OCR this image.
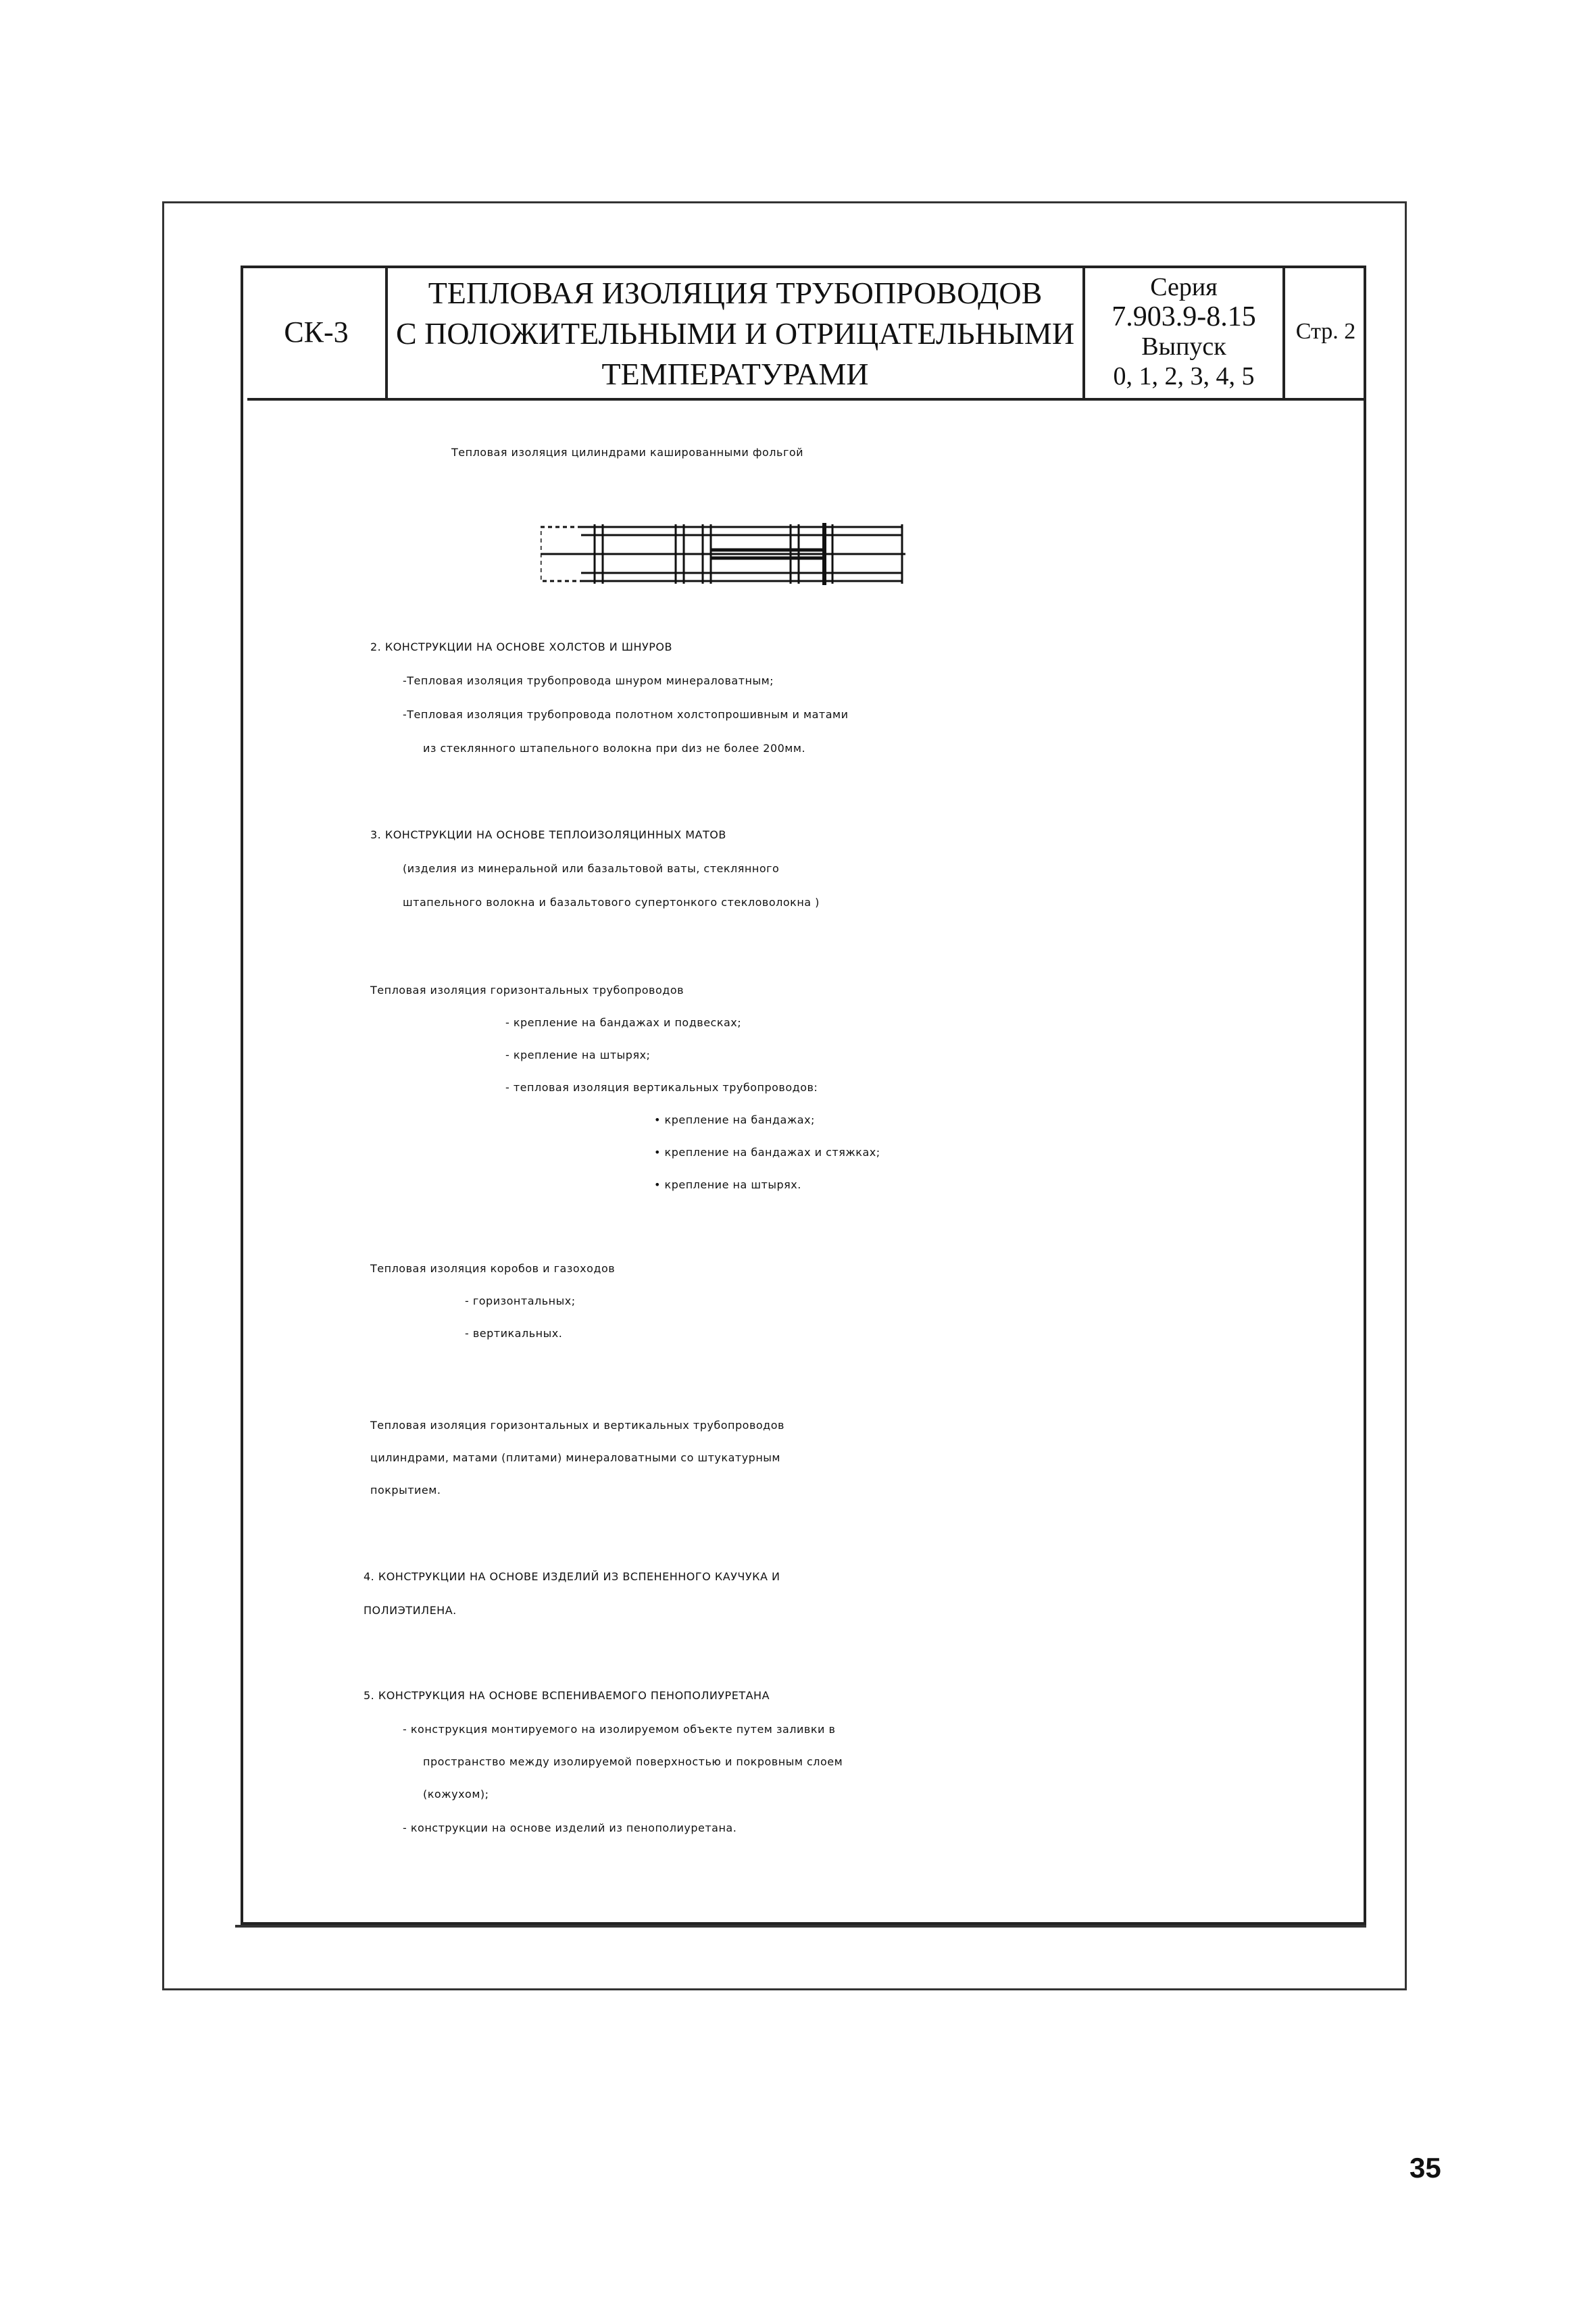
СК-3
ТЕПЛОВАЯ ИЗОЛЯЦИЯ ТРУБОПРОВОДОВ
С ПОЛОЖИТЕЛЬНЫМИ И ОТРИЦАТЕЛЬНЫМИ
ТЕМПЕРАТУРАМИ
Серия
7.903.9-8.15
Выпуск
0, 1, 2, 3, 4, 5
Стр. 2
Тепловая изоляция цилиндрами кашированными фольгой
2. КОНСТРУКЦИИ НА ОСНОВЕ ХОЛСТОВ И ШНУРОВ
-Тепловая изоляция трубопровода шнуром минераловатным;
-Тепловая изоляция трубопровода полотном холстопрошивным и матами
из стеклянного штапельного волокна при dиз не более 200мм.
3. КОНСТРУКЦИИ НА ОСНОВЕ ТЕПЛОИЗОЛЯЦИННЫХ МАТОВ
(изделия из минеральной или базальтовой ваты, стеклянного
штапельного волокна и базальтового супертонкого стекловолокна )
Тепловая изоляция горизонтальных трубопроводов
- крепление на бандажах и подвесках;
- крепление на штырях;
- тепловая изоляция вертикальных трубопроводов:
• крепление на бандажах;
• крепление на бандажах и стяжках;
• крепление на штырях.
Тепловая изоляция коробов и газоходов
- горизонтальных;
- вертикальных.
Тепловая изоляция горизонтальных и вертикальных трубопроводов
цилиндрами, матами (плитами) минераловатными со штукатурным
покрытием.
4. КОНСТРУКЦИИ НА ОСНОВЕ ИЗДЕЛИЙ ИЗ ВСПЕНЕННОГО КАУЧУКА И
ПОЛИЭТИЛЕНА.
5. КОНСТРУКЦИЯ НА ОСНОВЕ ВСПЕНИВАЕМОГО ПЕНОПОЛИУРЕТАНА
- конструкция монтируемого на изолируемом объекте путем заливки в
пространство между изолируемой поверхностью и покровным слоем
(кожухом);
- конструкции на основе изделий из пенополиуретана.
35
